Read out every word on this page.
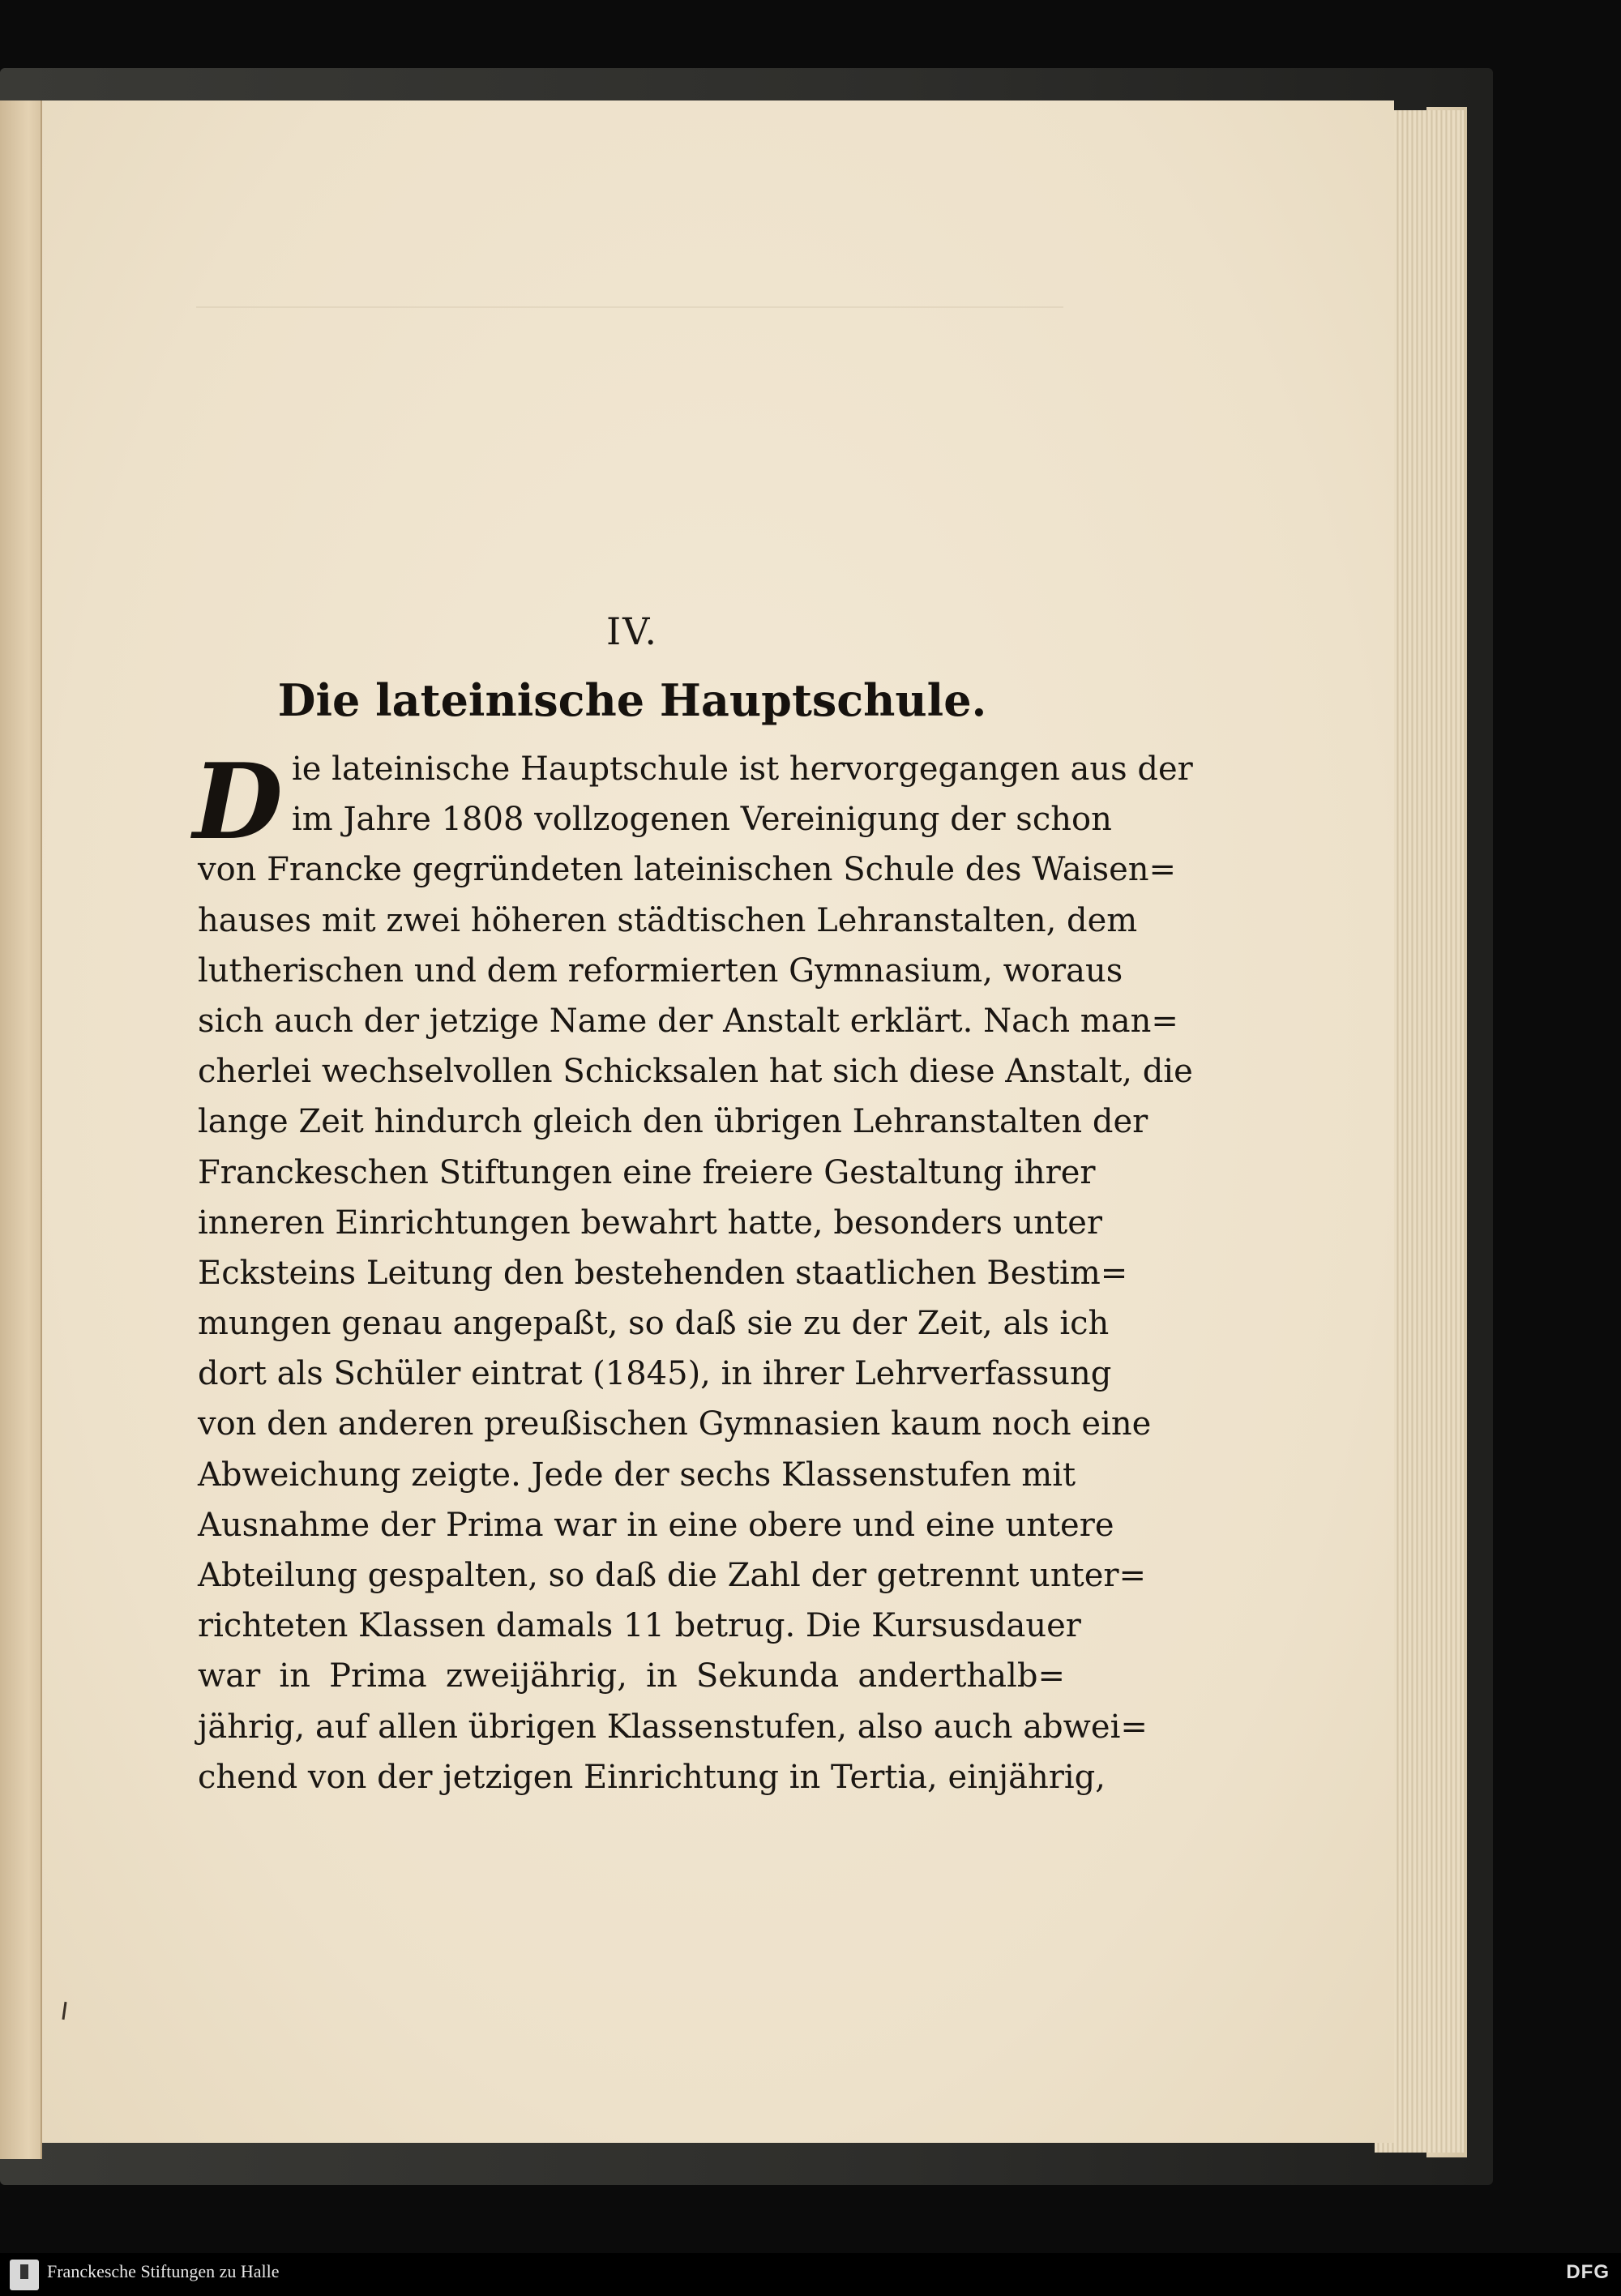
IV.
Die lateinische Hauptschule.
D ie lateinische Hauptschule ist hervorgegangen aus der
im Jahre 1808 vollzogenen Vereinigung der schon
von Francke gegründeten lateinischen Schule des Waisen=
hauses mit zwei höheren städtischen Lehranstalten, dem
lutherischen und dem reformierten Gymnasium, woraus
sich auch der jetzige Name der Anstalt erklärt. Nach man=
cherlei wechselvollen Schicksalen hat sich diese Anstalt, die
lange Zeit hindurch gleich den übrigen Lehranstalten der
Franckeschen Stiftungen eine freiere Gestaltung ihrer
inneren Einrichtungen bewahrt hatte, besonders unter
Ecksteins Leitung den bestehenden staatlichen Bestim=
mungen genau angepaßt, so daß sie zu der Zeit, als ich
dort als Schüler eintrat (1845), in ihrer Lehrverfassung
von den anderen preußischen Gymnasien kaum noch eine
Abweichung zeigte. Jede der sechs Klassenstufen mit
Ausnahme der Prima war in eine obere und eine untere
Abteilung gespalten, so daß die Zahl der getrennt unter=
richteten Klassen damals 11 betrug. Die Kursusdauer
war in Prima zweijährig, in Sekunda anderthalb=
jährig, auf allen übrigen Klassenstufen, also auch abwei=
chend von der jetzigen Einrichtung in Tertia, einjährig,
Franckesche Stiftungen zu Halle	DFG
